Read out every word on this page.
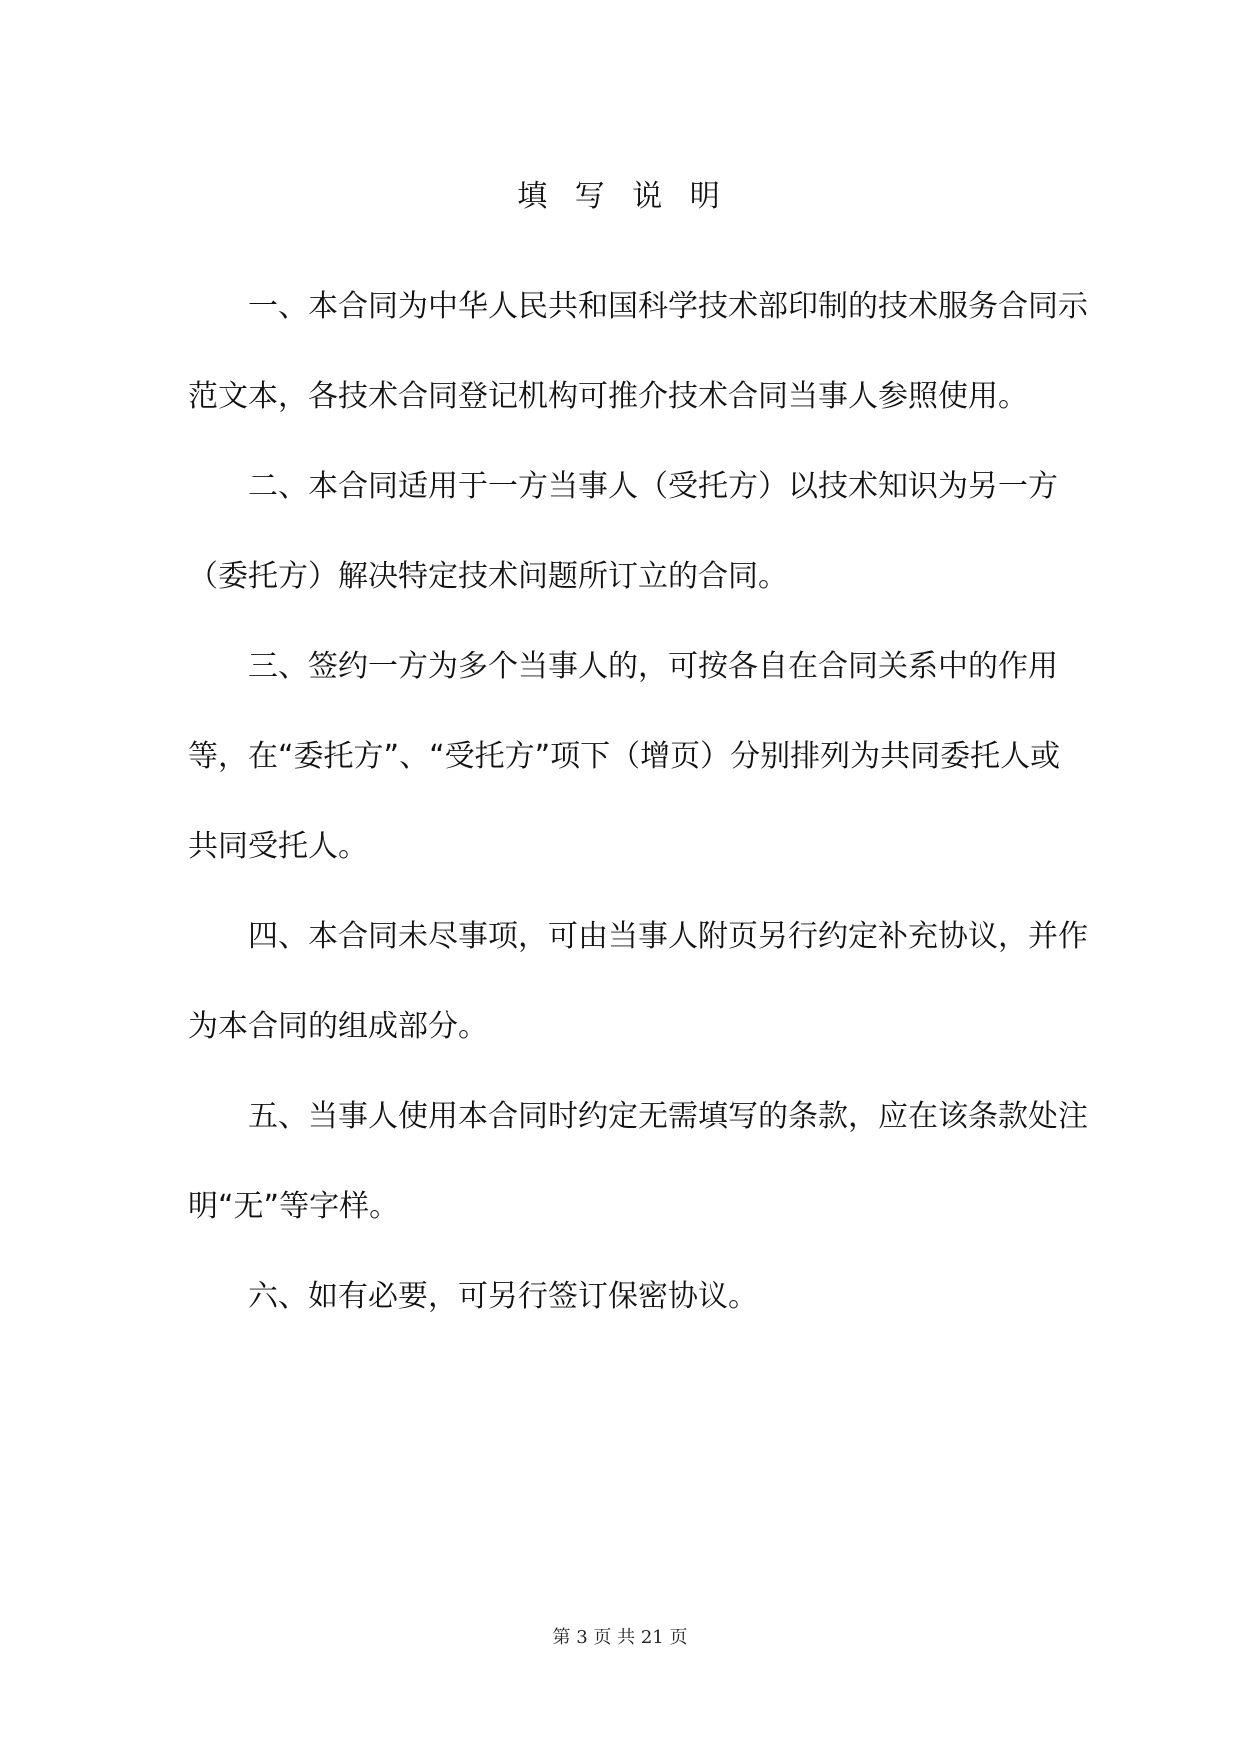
填 写 说 明

一、本合同为中华人民共和国科学技术部印制的技术服务合同示范文本，各技术合同登记机构可推介技术合同当事人参照使用。

二、本合同适用于一方当事人（受托方）以技术知识为另一方（委托方）解决特定技术问题所订立的合同。

三、签约一方为多个当事人的，可按各自在合同关系中的作用等，在“委托方”、“受托方”项下（增页）分别排列为共同委托人或共同受托人。

四、本合同未尽事项，可由当事人附页另行约定补充协议，并作为本合同的组成部分。

五、当事人使用本合同时约定无需填写的条款，应在该条款处注明“无”等字样。

六、如有必要，可另行签订保密协议。

第 3 页 共 21 页
